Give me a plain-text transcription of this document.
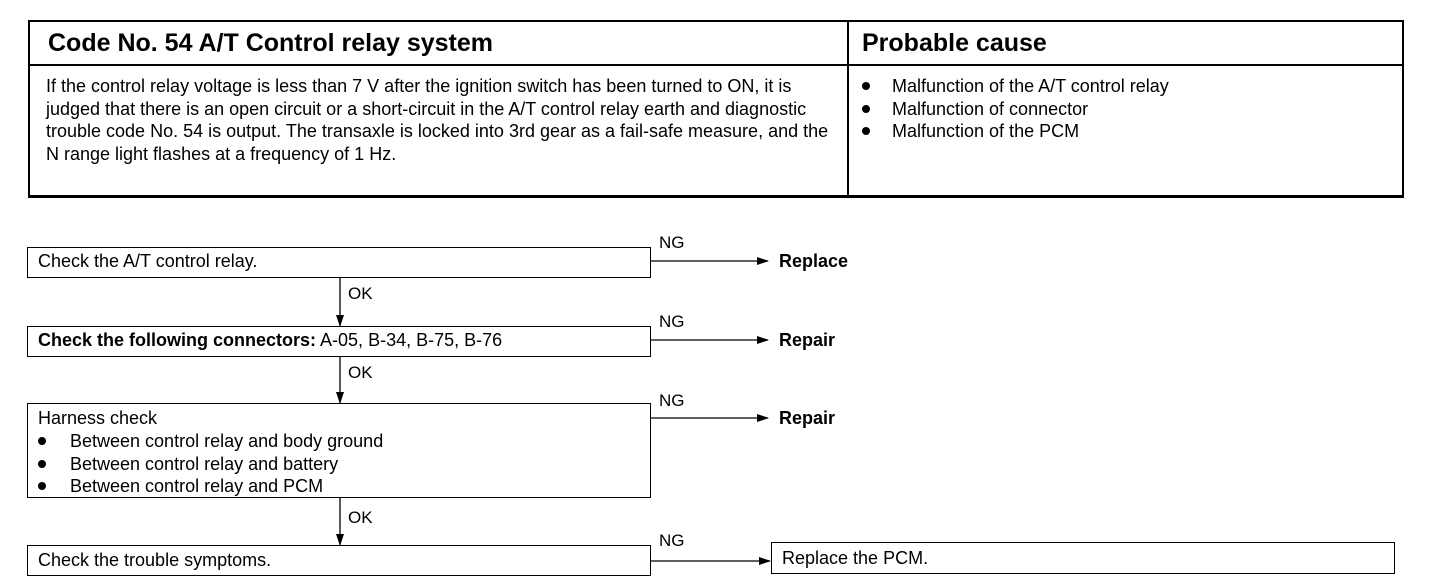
Code No. 54 A/T Control relay system	Probable cause
If the control relay voltage is less than 7 V after the ignition switch has been turned to ON, it is judged that there is an open circuit or a short-circuit in the A/T control relay earth and diagnostic trouble code No. 54 is output. The transaxle is locked into 3rd gear as a fail-safe measure, and the N range light flashes at a frequency of 1 Hz.
Malfunction of the A/T control relay
Malfunction of connector
Malfunction of the PCM
Check the A/T control relay.
NG
Replace
OK
Check the following connectors: A-05, B-34, B-75, B-76
NG
Repair
OK
Harness check
Between control relay and body ground
Between control relay and battery
Between control relay and PCM
NG
Repair
OK
Check the trouble symptoms.
NG
Replace the PCM.
